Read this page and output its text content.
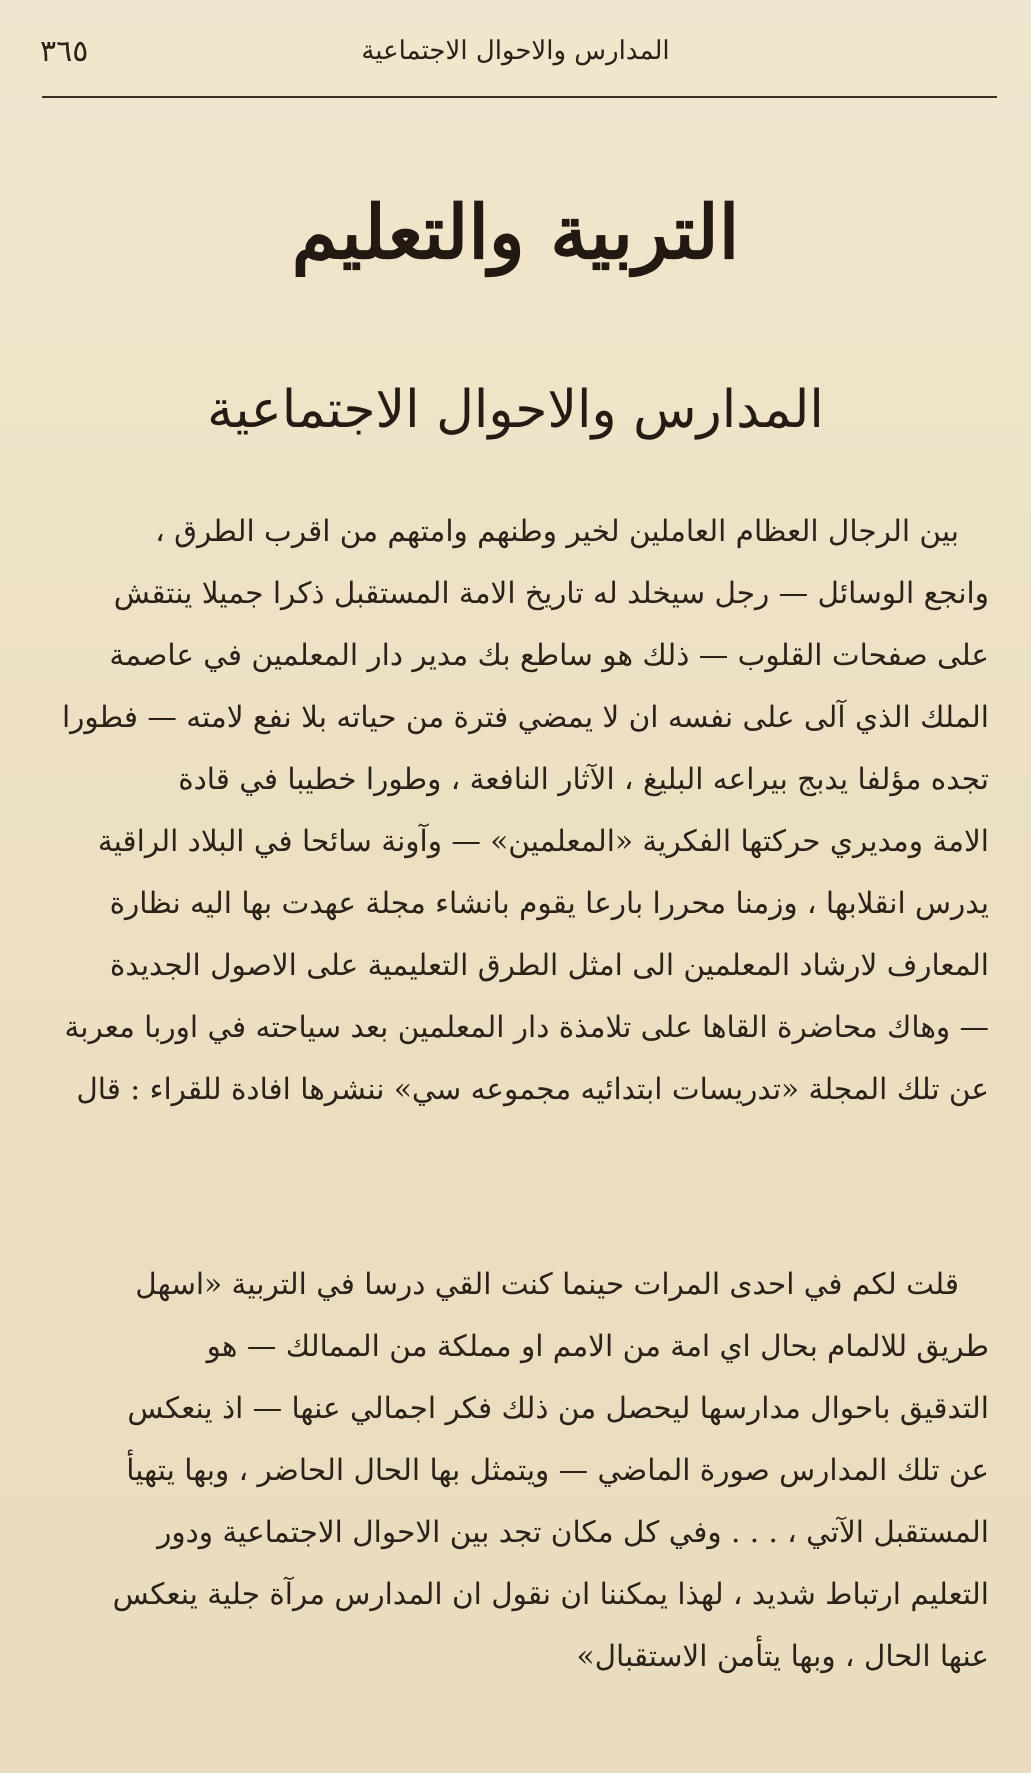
٣٦٥	المدارس والاحوال الاجتماعية
التربية والتعليم
المدارس والاحوال الاجتماعية
بين الرجال العظام العاملين لخير وطنهم وامتهم من اقرب الطرق ،
وانجع الوسائل — رجل سيخلد له تاريخ الامة المستقبل ذكرا جميلا ينتقش
على صفحات القلوب — ذلك هو ساطع بك مدير دار المعلمين في عاصمة
الملك الذي آلى على نفسه ان لا يمضي فترة من حياته بلا نفع لامته — فطورا
تجده مؤلفا يدبج بيراعه البليغ ، الآثار النافعة ، وطورا خطيبا في قادة
الامة ومديري حركتها الفكرية «المعلمين» — وآونة سائحا في البلاد الراقية
يدرس انقلابها ، وزمنا محررا بارعا يقوم بانشاء مجلة عهدت بها اليه نظارة
المعارف لارشاد المعلمين الى امثل الطرق التعليمية على الاصول الجديدة
— وهاك محاضرة القاها على تلامذة دار المعلمين بعد سياحته في اوربا معربة
عن تلك المجلة «تدريسات ابتدائيه مجموعه سي» ننشرها افادة للقراء : قال
قلت لكم في احدى المرات حينما كنت القي درسا في التربية «اسهل
طريق للالمام بحال اي امة من الامم او مملكة من الممالك — هو
التدقيق باحوال مدارسها ليحصل من ذلك فكر اجمالي عنها — اذ ينعكس
عن تلك المدارس صورة الماضي — ويتمثل بها الحال الحاضر ، وبها يتهيأ
المستقبل الآتي ، . . . وفي كل مكان تجد بين الاحوال الاجتماعية ودور
التعليم ارتباط شديد ، لهذا يمكننا ان نقول ان المدارس مرآة جلية ينعكس
عنها الحال ، وبها يتأمن الاستقبال»
